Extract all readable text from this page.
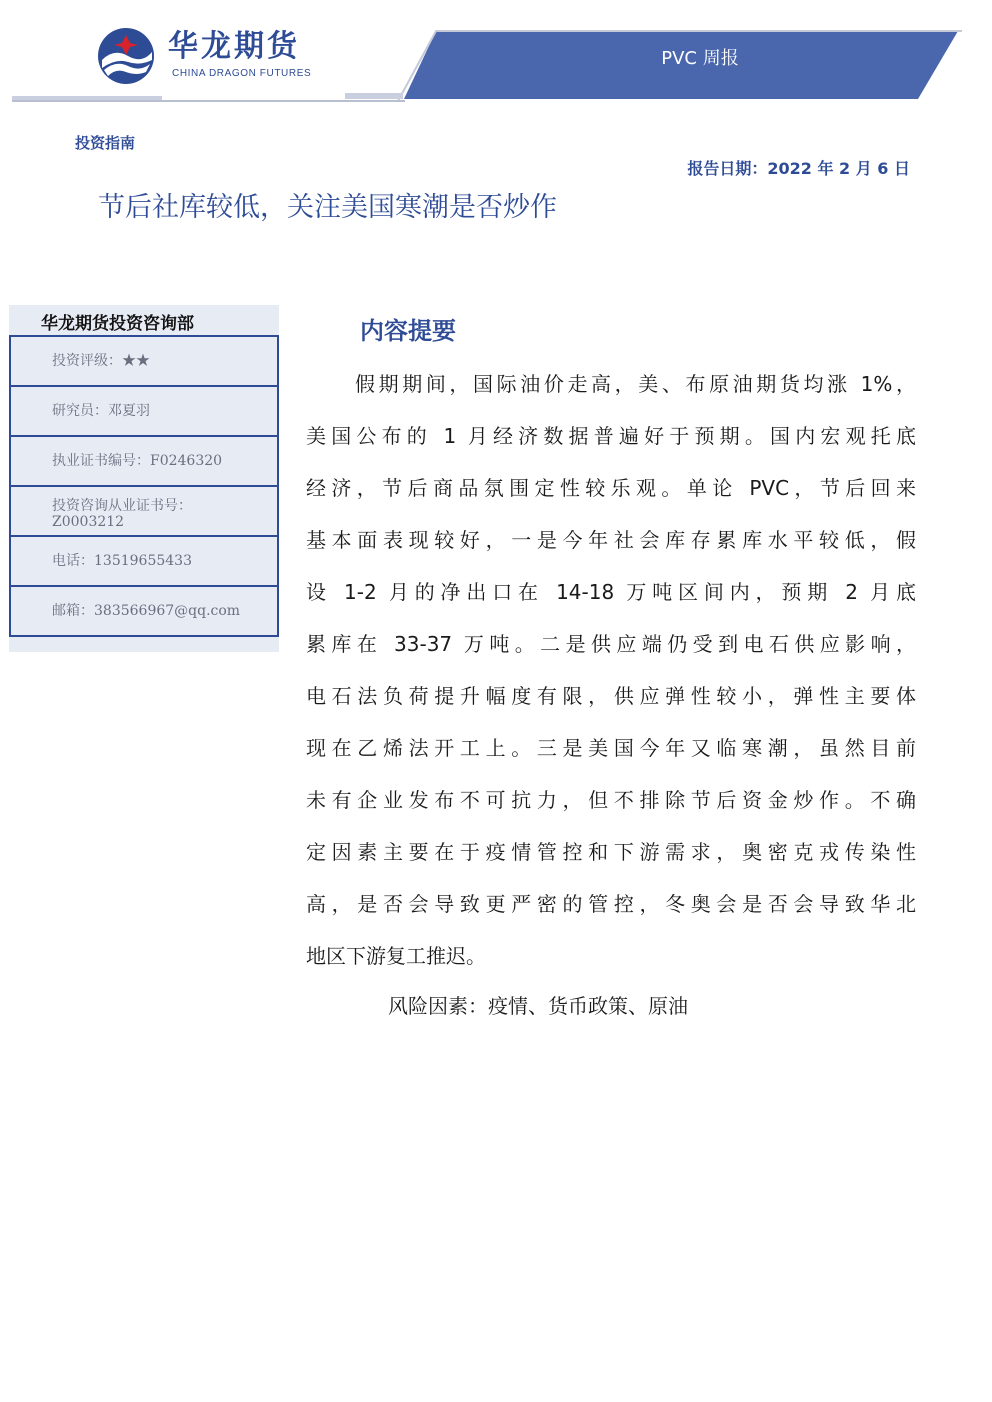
华龙期货
CHINA DRAGON FUTURES
PVC 周报
投资指南
报告日期：2022 年 2 月 6 日
节后社库较低，关注美国寒潮是否炒作
华龙期货投资咨询部
投资评级：★★
研究员：邓夏羽
执业证书编号：F0246320
投资咨询从业证书号：Z0003212
电话：13519655433
邮箱：383566967@qq.com
内容提要
假期期间，国际油价走高，美、布原油期货均涨 1%，
美国公布的 1 月经济数据普遍好于预期。国内宏观托底
经济，节后商品氛围定性较乐观。单论 PVC，节后回来
基本面表现较好，一是今年社会库存累库水平较低，假
设 1-2 月的净出口在 14-18 万吨区间内，预期 2 月底
累库在 33-37 万吨。二是供应端仍受到电石供应影响，
电石法负荷提升幅度有限，供应弹性较小，弹性主要体
现在乙烯法开工上。三是美国今年又临寒潮，虽然目前
未有企业发布不可抗力，但不排除节后资金炒作。不确
定因素主要在于疫情管控和下游需求，奥密克戎传染性
高，是否会导致更严密的管控，冬奥会是否会导致华北
地区下游复工推迟。
风险因素：疫情、货币政策、原油
